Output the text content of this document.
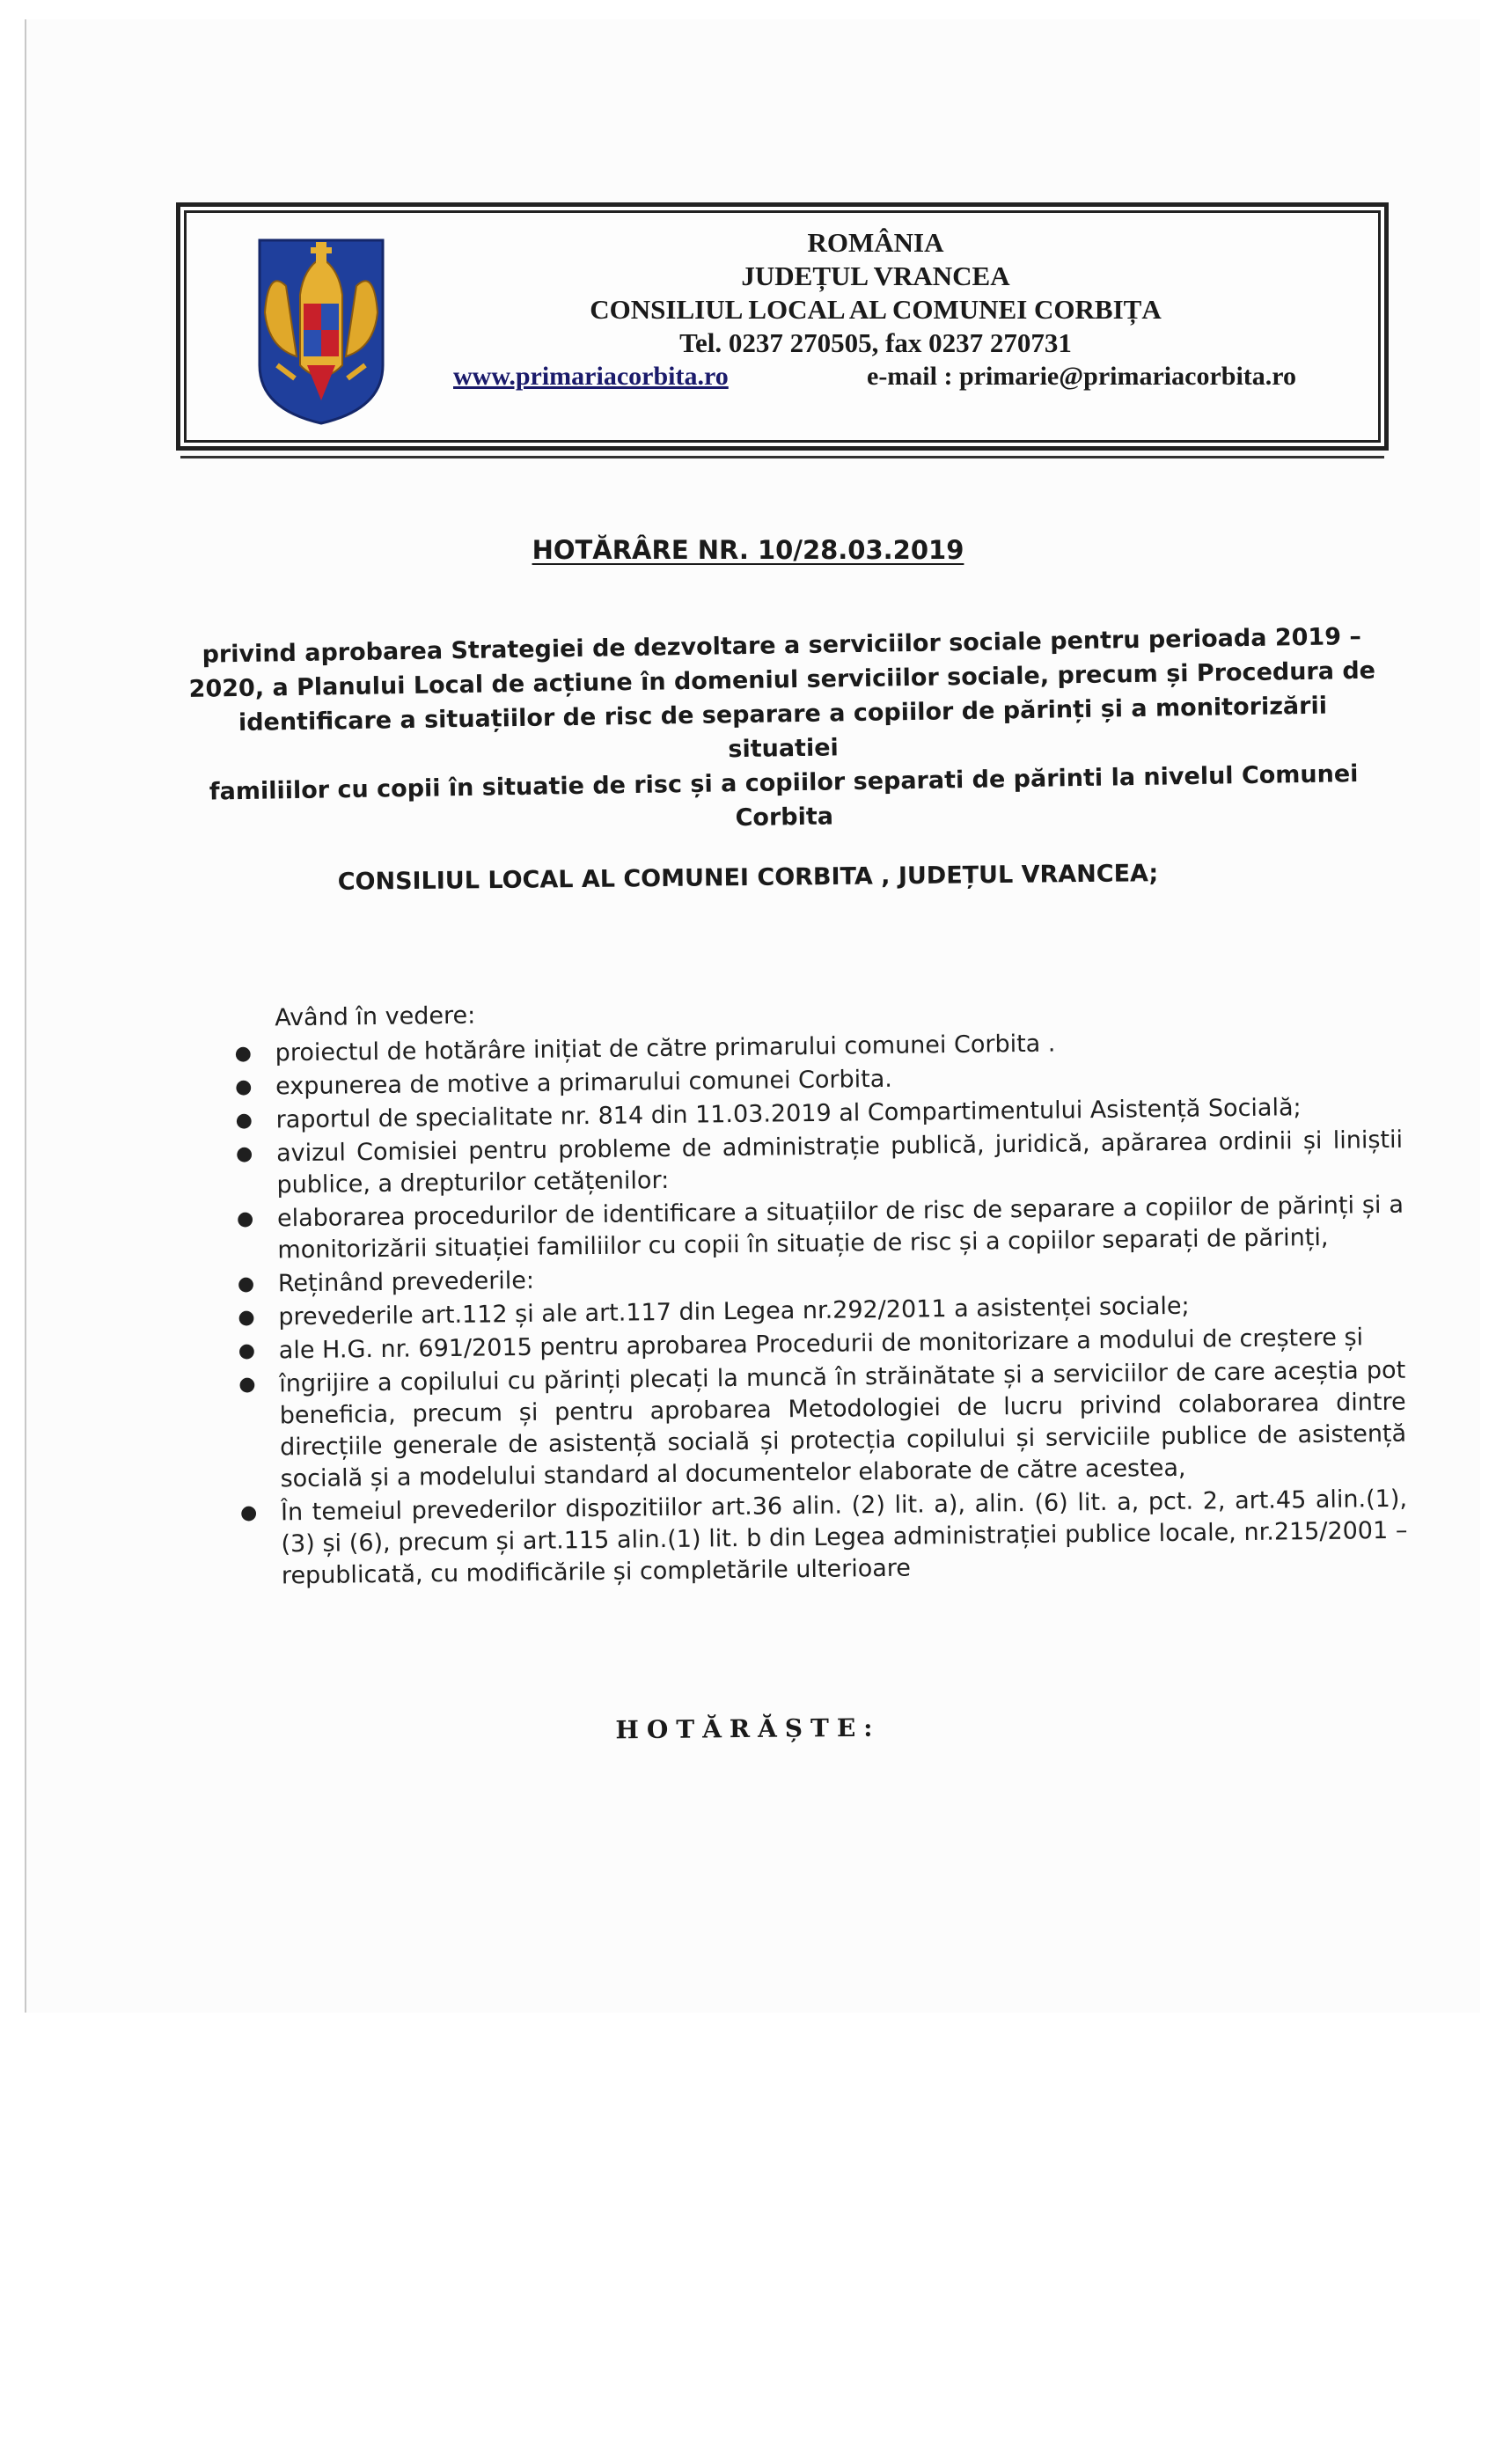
ROMÂNIA
JUDEȚUL VRANCEA
CONSILIUL LOCAL AL COMUNEI CORBIȚA
Tel. 0237 270505, fax 0237 270731
www.primariacorbita.ro	e-mail : primarie@primariacorbita.ro
HOTĂRÂRE NR. 10/28.03.2019
privind aprobarea Strategiei de dezvoltare a serviciilor sociale pentru perioada 2019 –
2020, a Planului Local de acțiune în domeniul serviciilor sociale, precum și Procedura de
identificare a situațiilor de risc de separare a copiilor de părinți și a monitorizării situatiei
familiilor cu copii în situatie de risc și a copiilor separati de părinti la nivelul Comunei
Corbita
CONSILIUL LOCAL AL COMUNEI CORBITA , JUDEȚUL VRANCEA;
Având în vedere:
● proiectul de hotărâre inițiat de către primarului comunei Corbita .
● expunerea de motive a primarului comunei Corbita.
● raportul de specialitate nr. 814 din 11.03.2019 al Compartimentului Asistență Socială;
● avizul Comisiei pentru probleme de administrație publică, juridică, apărarea ordinii și liniștii publice, a drepturilor cetățenilor:
● elaborarea procedurilor de identificare a situațiilor de risc de separare a copiilor de părinți și a monitorizării situației familiilor cu copii în situație de risc și a copiilor separați de părinți,
● Reținând prevederile:
● prevederile art.112 și ale art.117 din Legea nr.292/2011 a asistenței sociale;
● ale H.G. nr. 691/2015 pentru aprobarea Procedurii de monitorizare a modului de creștere și
● îngrijire a copilului cu părinți plecați la muncă în străinătate și a serviciilor de care aceștia pot beneficia, precum și pentru aprobarea Metodologiei de lucru privind colaborarea dintre direcțiile generale de asistență socială și protecția copilului și serviciile publice de asistență socială și a modelului standard al documentelor elaborate de către acestea,
● În temeiul prevederilor dispozitiilor art.36 alin. (2) lit. a), alin. (6) lit. a, pct. 2, art.45 alin.(1), (3) și (6), precum și art.115 alin.(1) lit. b din Legea administrației publice locale, nr.215/2001 – republicată, cu modificările și completările ulterioare
HOTĂRĂȘTE:
